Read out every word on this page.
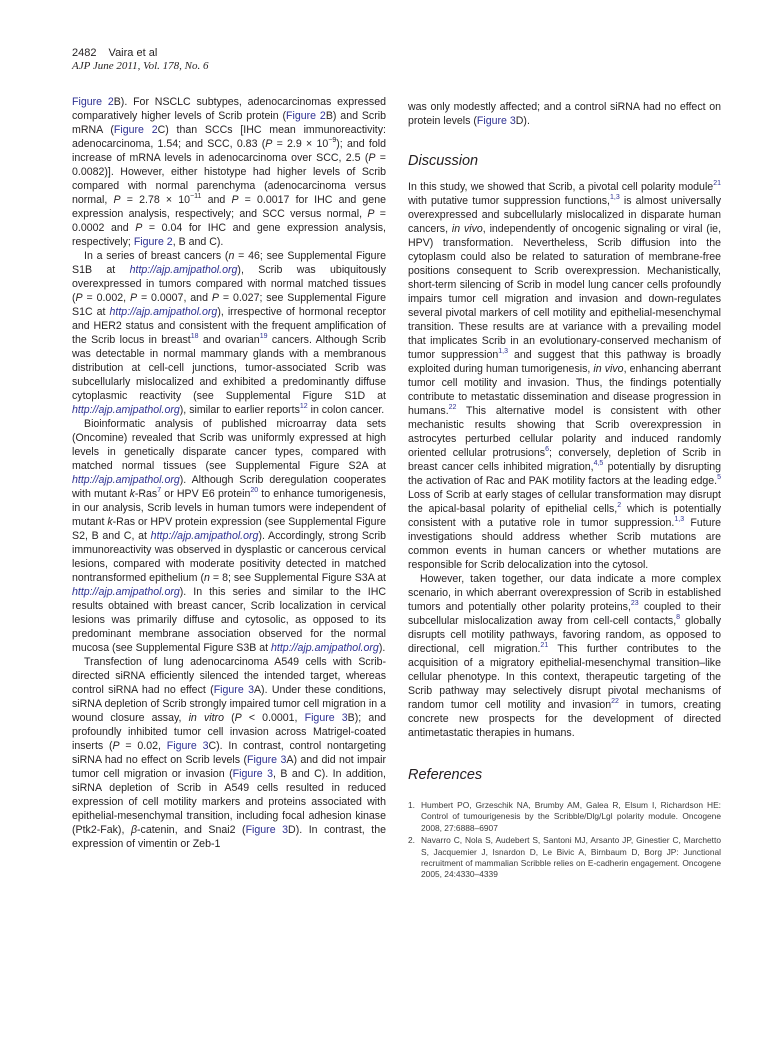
2482 Vaira et al
AJP June 2011, Vol. 178, No. 6

Figure 2B). For NSCLC subtypes, adenocarcinomas expressed comparatively higher levels of Scrib protein (Figure 2B) and Scrib mRNA (Figure 2C) than SCCs [IHC mean immunoreactivity: adenocarcinoma, 1.54; and SCC, 0.83 $(P = 2.9 \times 10^{-9})$; and fold increase of mRNA levels in adenocarcinoma over SCC, 2.5 (P = 0.0082)]. However, either histotype had higher levels of Scrib compared with normal parenchyma (adenocarcinoma versus normal, $P = 2.78 \times 10^{-11}$ and P = 0.0017 for IHC and gene expression analysis, respectively; and SCC versus normal, P = 0.0002 and P = 0.04 for IHC and gene expression analysis, respectively; Figure 2, B and C).

In a series of breast cancers (n = 46; see Supplemental Figure S1B at http://ajp.amjpathol.org), Scrib was ubiquitously overexpressed in tumors compared with normal matched tissues (P = 0.002, P = 0.0007, and P = 0.027; see Supplemental Figure S1C at http://ajp.amjpathol.org), irrespective of hormonal receptor and HER2 status and consistent with the frequent amplification of the Scrib locus in breast$^{18}$ and ovarian$^{19}$ cancers. Although Scrib was detectable in normal mammary glands with a membranous distribution at cell-cell junctions, tumor-associated Scrib was subcellularly mislocalized and exhibited a predominantly diffuse cytoplasmic reactivity (see Supplemental Figure S1D at http://ajp.amjpathol.org), similar to earlier reports$^{12}$ in colon cancer.

Bioinformatic analysis of published microarray data sets (Oncomine) revealed that Scrib was uniformly expressed at high levels in genetically disparate cancer types, compared with matched normal tissues (see Supplemental Figure S2A at http://ajp.amjpathol.org). Although Scrib deregulation cooperates with mutant k-Ras$^7$ or HPV E6 protein$^{20}$ to enhance tumorigenesis, in our analysis, Scrib levels in human tumors were independent of mutant k-Ras or HPV protein expression (see Supplemental Figure S2, B and C, at http://ajp.amjpathol.org). Accordingly, strong Scrib immunoreactivity was observed in dysplastic or cancerous cervical lesions, compared with moderate positivity detected in matched nontransformed epithelium (n = 8; see Supplemental Figure S3A at http://ajp.amjpathol.org). In this series and similar to the IHC results obtained with breast cancer, Scrib localization in cervical lesions was primarily diffuse and cytosolic, as opposed to its predominant membrane association observed for the normal mucosa (see Supplemental Figure S3B at http://ajp.amjpathol.org).

Transfection of lung adenocarcinoma A549 cells with Scrib-directed siRNA efficiently silenced the intended target, whereas control siRNA had no effect (Figure 3A). Under these conditions, siRNA depletion of Scrib strongly impaired tumor cell migration in a wound closure assay, in vitro (P < 0.0001, Figure 3B); and profoundly inhibited tumor cell invasion across Matrigel-coated inserts (P = 0.02, Figure 3C). In contrast, control nontargeting siRNA had no effect on Scrib levels (Figure 3A) and did not impair tumor cell migration or invasion (Figure 3, B and C). In addition, siRNA depletion of Scrib in A549 cells resulted in reduced expression of cell motility markers and proteins associated with epithelial-mesenchymal transition, including focal adhesion kinase (Ptk2-Fak), β-catenin, and Snai2 (Figure 3D). In contrast, the expression of vimentin or Zeb-1

was only modestly affected; and a control siRNA had no effect on protein levels (Figure 3D).

Discussion

In this study, we showed that Scrib, a pivotal cell polarity module$^{21}$ with putative tumor suppression functions,$^{1,3}$ is almost universally overexpressed and subcellularly mislocalized in disparate human cancers, in vivo, independently of oncogenic signaling or viral (ie, HPV) transformation. Nevertheless, Scrib diffusion into the cytoplasm could also be related to saturation of membrane-free positions consequent to Scrib overexpression. Mechanistically, short-term silencing of Scrib in model lung cancer cells profoundly impairs tumor cell migration and invasion and down-regulates several pivotal markers of cell motility and epithelial-mesenchymal transition. These results are at variance with a prevailing model that implicates Scrib in an evolutionary-conserved mechanism of tumor suppression$^{1,3}$ and suggest that this pathway is broadly exploited during human tumorigenesis, in vivo, enhancing aberrant tumor cell motility and invasion. Thus, the findings potentially contribute to metastatic dissemination and disease progression in humans.$^{22}$ This alternative model is consistent with other mechanistic results showing that Scrib overexpression in astrocytes perturbed cellular polarity and induced randomly oriented cellular protrusions$^6$; conversely, depletion of Scrib in breast cancer cells inhibited migration,$^{4,5}$ potentially by disrupting the activation of Rac and PAK motility factors at the leading edge.$^5$ Loss of Scrib at early stages of cellular transformation may disrupt the apical-basal polarity of epithelial cells,$^2$ which is potentially consistent with a putative role in tumor suppression.$^{1,3}$ Future investigations should address whether Scrib mutations are common events in human cancers or whether mutations are responsible for Scrib delocalization into the cytosol.

However, taken together, our data indicate a more complex scenario, in which aberrant overexpression of Scrib in established tumors and potentially other polarity proteins,$^{23}$ coupled to their subcellular mislocalization away from cell-cell contacts,$^8$ globally disrupts cell motility pathways, favoring random, as opposed to directional, cell migration.$^{21}$ This further contributes to the acquisition of a migratory epithelial-mesenchymal transition–like cellular phenotype. In this context, therapeutic targeting of the Scrib pathway may selectively disrupt pivotal mechanisms of random tumor cell motility and invasion$^{22}$ in tumors, creating concrete new prospects for the development of directed antimetastatic therapies in humans.

References
1. Humbert PO, Grzeschik NA, Brumby AM, Galea R, Elsum I, Richardson HE: Control of tumourigenesis by the Scribble/Dlg/Lgl polarity module. Oncogene 2008, 27:6888–6907
2. Navarro C, Nola S, Audebert S, Santoni MJ, Arsanto JP, Ginestier C, Marchetto S, Jacquemier J, Isnardon D, Le Bivic A, Birnbaum D, Borg JP: Junctional recruitment of mammalian Scribble relies on E-cadherin engagement. Oncogene 2005, 24:4330–4339
